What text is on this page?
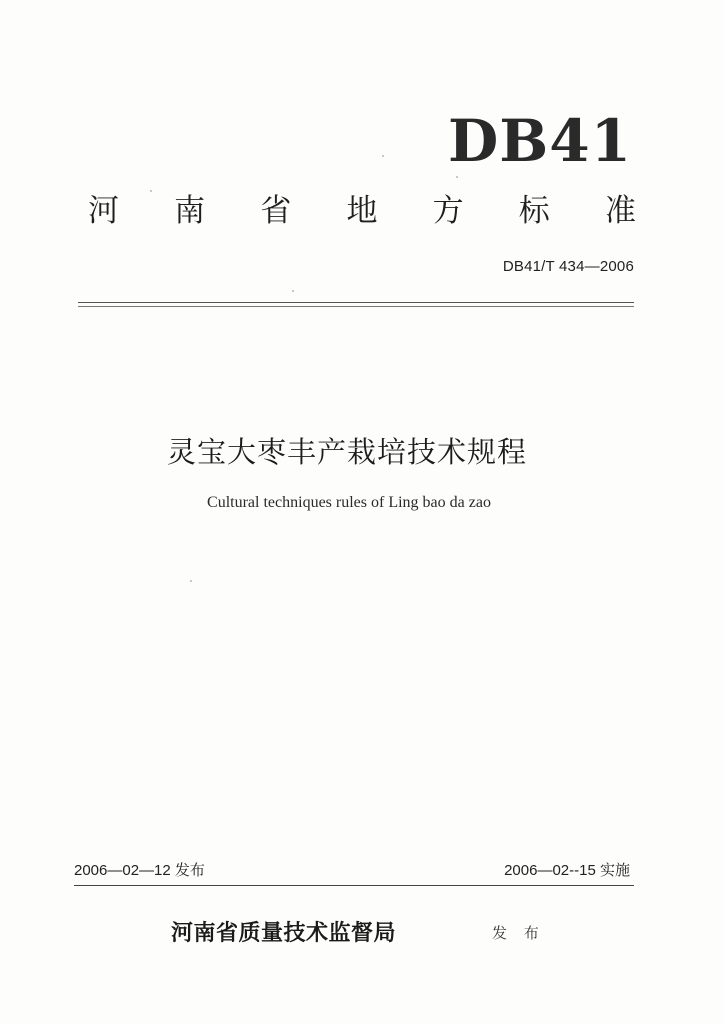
DB41
河 南 省 地 方 标 准
DB41/T 434—2006
灵宝大枣丰产栽培技术规程
Cultural techniques rules of Ling bao da zao
2006—02—12 发布	2006—02--15 实施
河南省质量技术监督局	发 布
